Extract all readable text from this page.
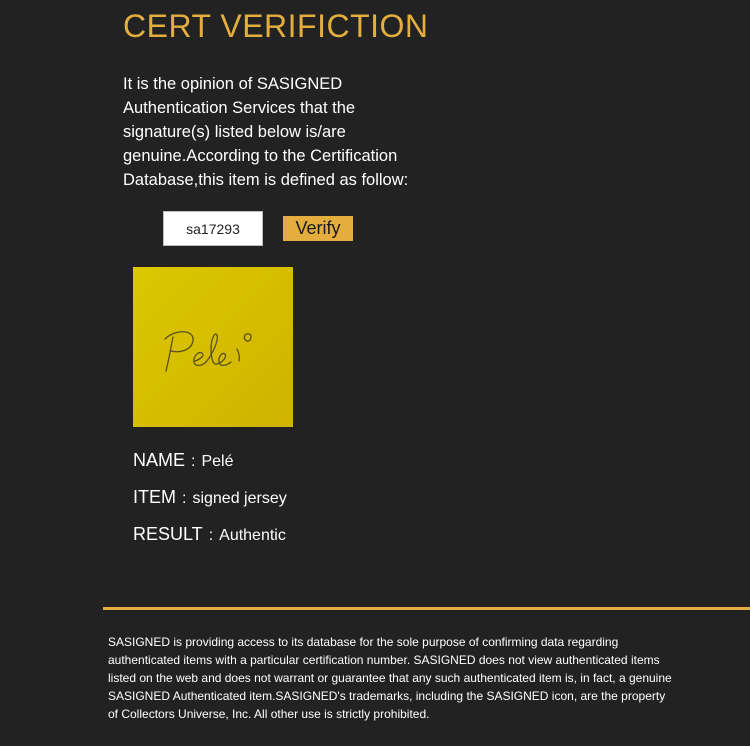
CERT VERIFICTION

It is the opinion of SASIGNED Authentication Services that the signature(s) listed below is/are genuine.According to the Certification Database,this item is defined as follow:

sa17293
Verify
NAME : Pelé
ITEM : signed jersey
RESULT : Authentic

SASIGNED is providing access to its database for the sole purpose of confirming data regarding authenticated items with a particular certification number. SASIGNED does not view authenticated items listed on the web and does not warrant or guarantee that any such authenticated item is, in fact, a genuine SASIGNED Authenticated item.SASIGNED's trademarks, including the SASIGNED icon, are the property of Collectors Universe, Inc. All other use is strictly prohibited.
